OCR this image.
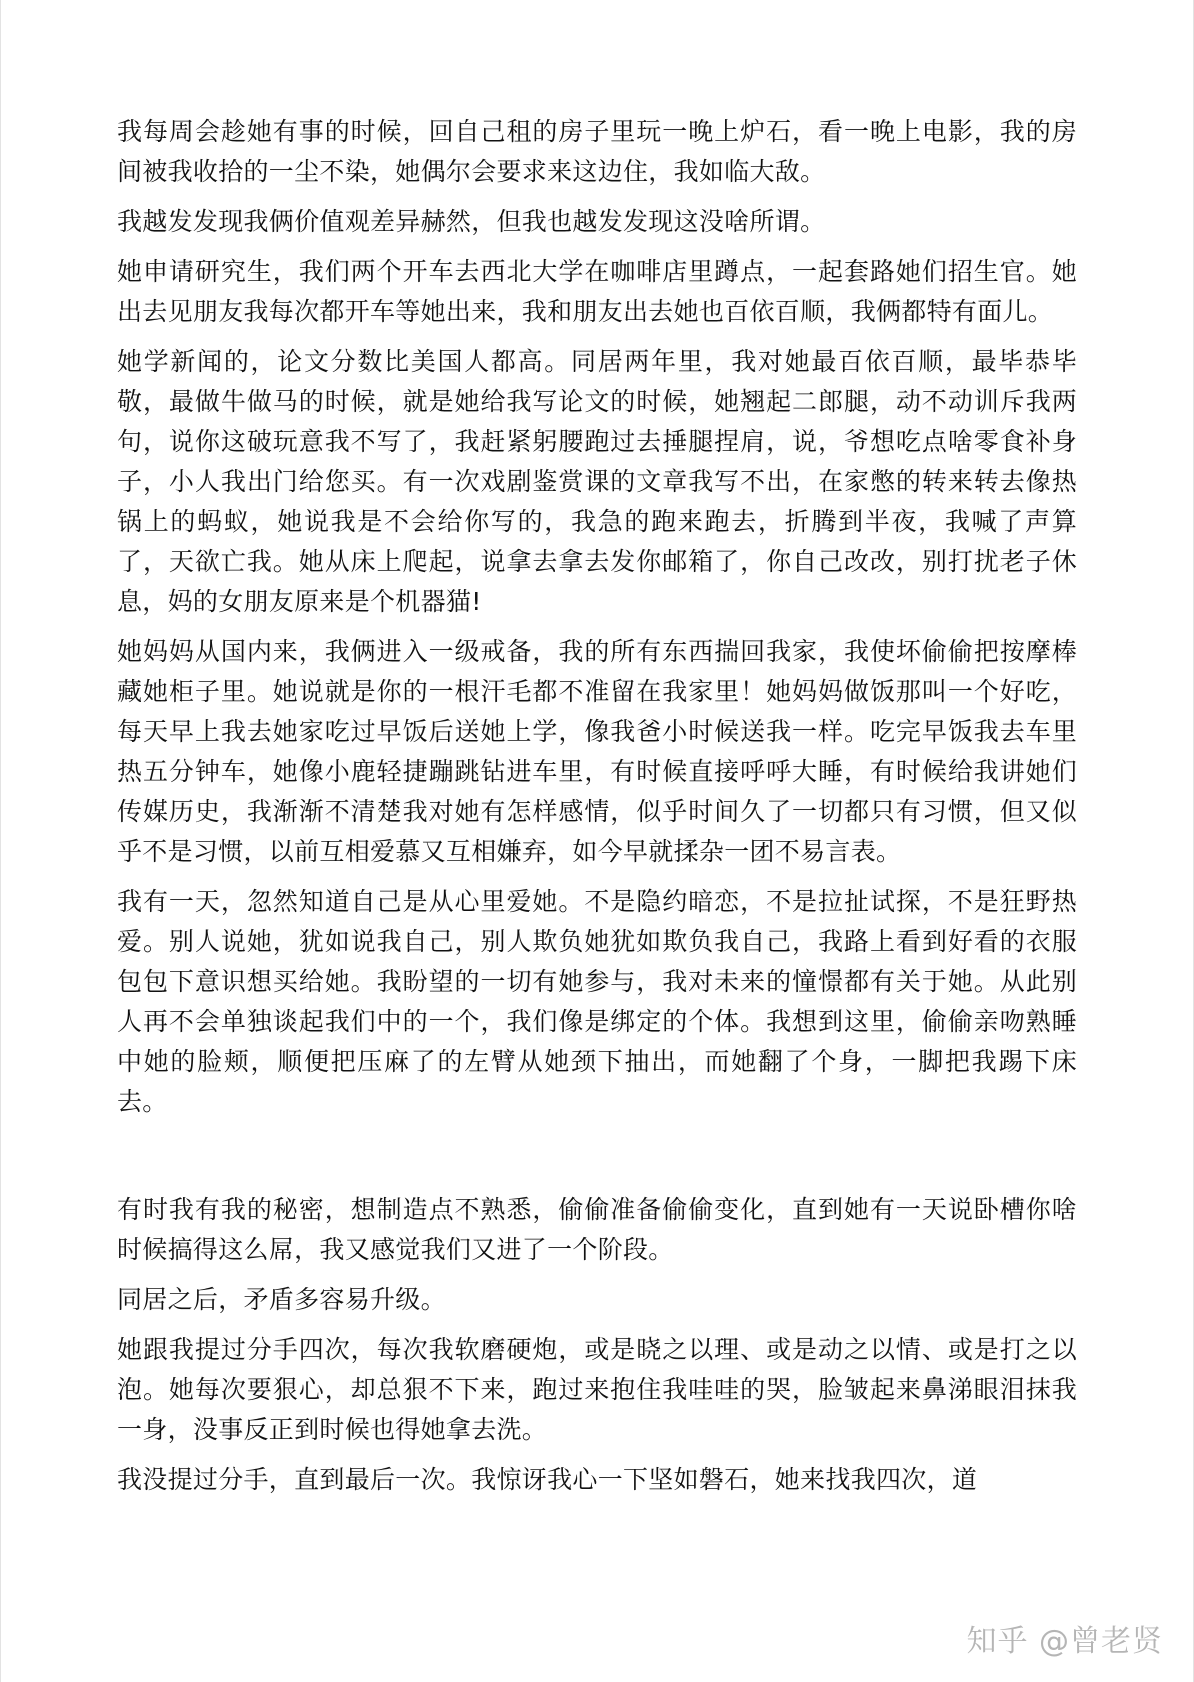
我每周会趁她有事的时候，回自己租的房子里玩一晚上炉石，看一晚上电影，我的房间被我收拾的一尘不染，她偶尔会要求来这边住，我如临大敌。

我越发发现我俩价值观差异赫然，但我也越发发现这没啥所谓。

她申请研究生，我们两个开车去西北大学在咖啡店里蹲点，一起套路她们招生官。她出去见朋友我每次都开车等她出来，我和朋友出去她也百依百顺，我俩都特有面儿。

她学新闻的，论文分数比美国人都高。同居两年里，我对她最百依百顺，最毕恭毕敬，最做牛做马的时候，就是她给我写论文的时候，她翘起二郎腿，动不动训斥我两句，说你这破玩意我不写了，我赶紧躬腰跑过去捶腿捏肩，说，爷想吃点啥零食补身子，小人我出门给您买。有一次戏剧鉴赏课的文章我写不出，在家憋的转来转去像热锅上的蚂蚁，她说我是不会给你写的，我急的跑来跑去，折腾到半夜，我喊了声算了，天欲亡我。她从床上爬起，说拿去拿去发你邮箱了，你自己改改，别打扰老子休息，妈的女朋友原来是个机器猫!

她妈妈从国内来，我俩进入一级戒备，我的所有东西揣回我家，我使坏偷偷把按摩棒藏她柜子里。她说就是你的一根汗毛都不准留在我家里！她妈妈做饭那叫一个好吃，每天早上我去她家吃过早饭后送她上学，像我爸小时候送我一样。吃完早饭我去车里热五分钟车，她像小鹿轻捷蹦跳钻进车里，有时候直接呼呼大睡，有时候给我讲她们传媒历史，我渐渐不清楚我对她有怎样感情，似乎时间久了一切都只有习惯，但又似乎不是习惯，以前互相爱慕又互相嫌弃，如今早就揉杂一团不易言表。

我有一天，忽然知道自己是从心里爱她。不是隐约暗恋，不是拉扯试探，不是狂野热爱。别人说她，犹如说我自己，别人欺负她犹如欺负我自己，我路上看到好看的衣服包包下意识想买给她。我盼望的一切有她参与，我对未来的憧憬都有关于她。从此别人再不会单独谈起我们中的一个，我们像是绑定的个体。我想到这里，偷偷亲吻熟睡中她的脸颊，顺便把压麻了的左臂从她颈下抽出，而她翻了个身，一脚把我踢下床去。

有时我有我的秘密，想制造点不熟悉，偷偷准备偷偷变化，直到她有一天说卧槽你啥时候搞得这么屌，我又感觉我们又进了一个阶段。

同居之后，矛盾多容易升级。

她跟我提过分手四次，每次我软磨硬炮，或是晓之以理、或是动之以情、或是打之以泡。她每次要狠心，却总狠不下来，跑过来抱住我哇哇的哭，脸皱起来鼻涕眼泪抹我一身，没事反正到时候也得她拿去洗。

我没提过分手，直到最后一次。我惊讶我心一下坚如磐石，她来找我四次，道

知乎 @曾老贤
